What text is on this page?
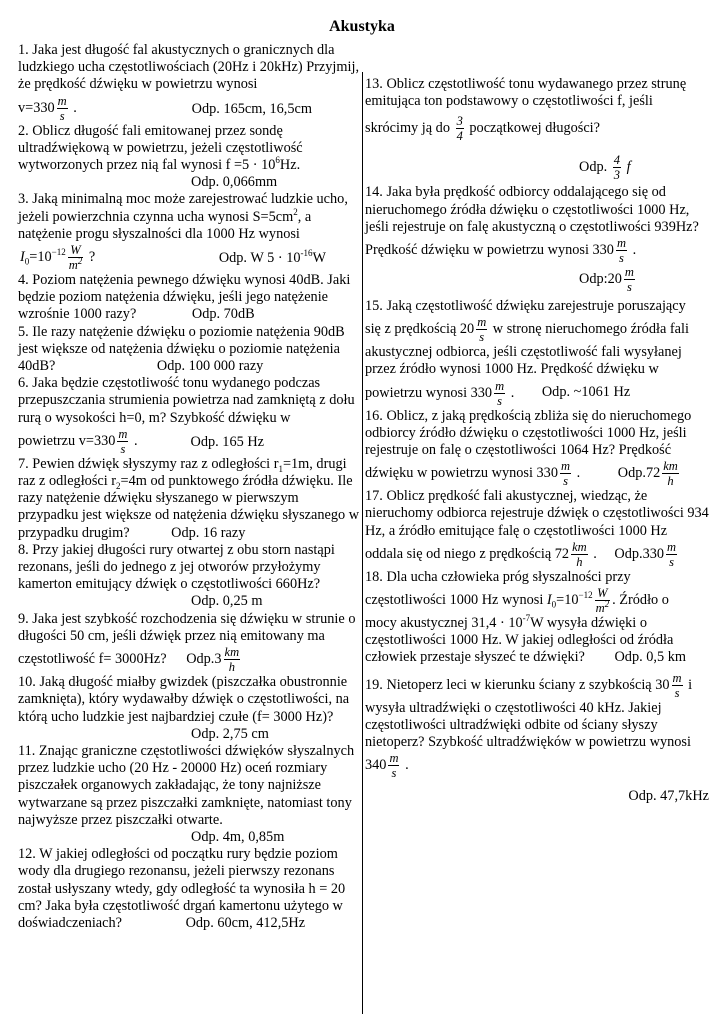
Akustyka

1. Jaka jest długość fal akustycznych o granicznych dla ludzkiego ucha częstotliwościach (20Hz i 20kHz) Przyjmij, że prędkość dźwięku w powietrzu wynosi

$v=330 \frac{m}{s}$ .	Odp. 165cm, 16,5cm

2. Oblicz długość fali emitowanej przez sondę ultradźwiękową w powietrzu, jeżeli częstotliwość wytworzonych przez nią fal wynosi $f =5 \cdot 10^6Hz$.

Odp. 0,066mm

3. Jaką minimalną moc może zarejestrować ludzkie ucho, jeżeli powierzchnia czynna ucha wynosi $S=5cm^2$, a natężenie progu słyszalności dla 1000 Hz wynosi

$I_0=10^{-12} \frac{W}{m^2}$ ?	Odp. W $5 \cdot 10^{-16}W$

4. Poziom natężenia pewnego dźwięku wynosi 40dB. Jaki będzie poziom natężenia dźwięku, jeśli jego natężenie wzrośnie 1000 razy?	Odp. 70dB

5. Ile razy natężenie dźwięku o poziomie natężenia 90dB jest większe od natężenia dźwięku o poziomie natężenia 40dB?	Odp. 100 000 razy

6. Jaka będzie częstotliwość tonu wydanego podczas przepuszczania strumienia powietrza nad zamkniętą z dołu rurą o wysokości h=0, m? Szybkość dźwięku w

powietrzu $v=330 \frac{m}{s}$ .	Odp. 165 Hz

7. Pewien dźwięk słyszymy raz z odległości $r_1=1m$, drugi raz z odległości $r_2=4m$ od punktowego źródła dźwięku. Ile razy natężenie dźwięku słyszanego w pierwszym przypadku jest większe od natężenia dźwięku słyszanego w przypadku drugim?	Odp. 16 razy

8. Przy jakiej długości rury otwartej z obu storn nastąpi rezonans, jeśli do jednego z jej otworów przyłożymy kamerton emitujący dźwięk o częstotliwości 660Hz?

Odp. 0,25 m

9. Jaka jest szybkość rozchodzenia się dźwięku w strunie o długości 50 cm, jeśli dźwięk przez nią emitowany ma

częstotliwość f= 3000Hz? $Odp.3 \frac{km}{h}$

10. Jaką długość miałby gwizdek (piszczałka obustronnie zamknięta), który wydawałby dźwięk o częstotliwości, na którą ucho ludzkie jest najbardziej czułe (f= 3000 Hz)?

Odp. 2,75 cm

11. Znając graniczne częstotliwości dźwięków słyszalnych przez ludzkie ucho (20 Hz - 20000 Hz) oceń rozmiary piszczałek organowych zakładając, że tony najniższe wytwarzane są przez piszczałki zamknięte, natomiast tony najwyższe przez piszczałki otwarte.

Odp. 4m, 0,85m

12. W jakiej odległości od początku rury będzie poziom wody dla drugiego rezonansu, jeżeli pierwszy rezonans został usłyszany wtedy, gdy odległość ta wynosiła h = 20 cm? Jaka była częstotliwość drgań kamertonu użytego w doświadczeniach?	Odp. 60cm, 412,5Hz

13. Oblicz częstotliwość tonu wydawanego przez strunę emitująca ton podstawowy o częstotliwości f, jeśli

skrócimy ją do $\frac{3}{4}$ początkowej długości?

Odp. $\frac{4}{3}$ f

14. Jaka była prędkość odbiorcy oddalającego się od nieruchomego źródła dźwięku o częstotliwości 1000 Hz, jeśli rejestruje on falę akustyczną o częstotliwości 939Hz?

Prędkość dźwięku w powietrzu wynosi $330 \frac{m}{s}$ .

Odp:20 $\frac{m}{s}$

15. Jaką częstotliwość dźwięku zarejestruje poruszający

się z prędkością $20 \frac{m}{s}$ w stronę nieruchomego źródła fali akustycznej odbiorca, jeśli częstotliwość fali wysyłanej przez źródło wynosi 1000 Hz. Prędkość dźwięku w

powietrzu wynosi $330 \frac{m}{s}$ . Odp. ~1061 Hz

16. Oblicz, z jaką prędkością zbliża się do nieruchomego odbiorcy źródło dźwięku o częstotliwości 1000 Hz, jeśli rejestruje on falę o częstotliwości 1064 Hz? Prędkość

dźwięku w powietrzu wynosi $330 \frac{m}{s}$ .	$Odp.72 \frac{km}{h}$

17. Oblicz prędkość fali akustycznej, wiedząc, że nieruchomy odbiorca rejestruje dźwięk o częstotliwości 934 Hz, a źródło emitujące falę o częstotliwości 1000 Hz

oddala się od niego z prędkością $72 \frac{km}{h}$ . $Odp.330 \frac{m}{s}$

18. Dla ucha człowieka próg słyszalności przy

częstotliwości 1000 Hz wynosi $I_0=10^{-12} \frac{W}{m^2}$ . Źródło o

mocy akustycznej $31,4 \cdot 10^{-7}W$ wysyła dźwięki o częstotliwości 1000 Hz. W jakiej odległości od źródła człowiek przestaje słyszeć te dźwięki? Odp. 0,5 km

19. Nietoperz leci w kierunku ściany z szybkością $30 \frac{m}{s}$ i

wysyła ultradźwięki o częstotliwości 40 kHz. Jakiej częstotliwości ultradźwięki odbite od ściany słyszy nietoperz? Szybkość ultradźwięków w powietrzu wynosi

$340 \frac{m}{s}$ .

Odp. 47,7kHz
